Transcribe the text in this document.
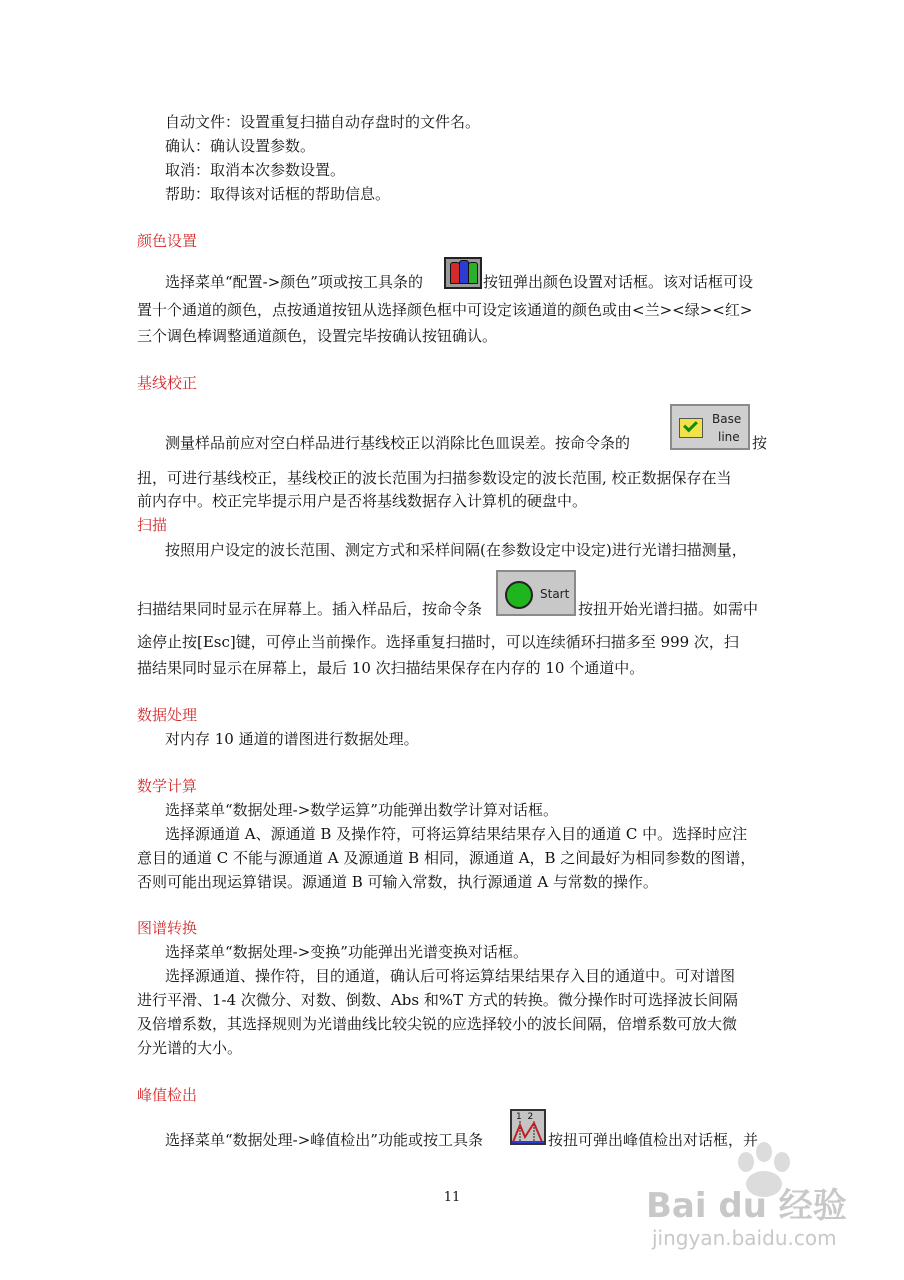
自动文件：设置重复扫描自动存盘时的文件名。
确认：确认设置参数。
取消：取消本次参数设置。
帮助：取得该对话框的帮助信息。
颜色设置
选择菜单“配置->颜色”项或按工具条的	按钮弹出颜色设置对话框。该对话框可设
置十个通道的颜色，点按通道按钮从选择颜色框中可设定该通道的颜色或由<兰><绿><红>
三个调色棒调整通道颜色，设置完毕按确认按钮确认。
基线校正
测量样品前应对空白样品进行基线校正以消除比色皿误差。按命令条的
Base
line 按
扭，可进行基线校正，基线校正的波长范围为扫描参数设定的波长范围, 校正数据保存在当
前内存中。校正完毕提示用户是否将基线数据存入计算机的硬盘中。
扫描
按照用户设定的波长范围、测定方式和采样间隔(在参数设定中设定)进行光谱扫描测量，
扫描结果同时显示在屏幕上。插入样品后，按命令条
Start
按扭开始光谱扫描。如需中
途停止按[Esc]键，可停止当前操作。选择重复扫描时，可以连续循环扫描多至 999 次，扫
描结果同时显示在屏幕上，最后 10 次扫描结果保存在内存的 10 个通道中。
数据处理
对内存 10 通道的谱图进行数据处理。
数学计算
选择菜单“数据处理->数学运算”功能弹出数学计算对话框。
选择源通道 A、源通道 B 及操作符，可将运算结果结果存入目的通道 C 中。选择时应注
意目的通道 C 不能与源通道 A 及源通道 B 相同，源通道 A，B 之间最好为相同参数的图谱，
否则可能出现运算错误。源通道 B 可输入常数，执行源通道 A 与常数的操作。
图谱转换
选择菜单“数据处理->变换”功能弹出光谱变换对话框。
选择源通道、操作符，目的通道，确认后可将运算结果结果存入目的通道中。可对谱图
进行平滑、1-4 次微分、对数、倒数、Abs 和%T 方式的转换。微分操作时可选择波长间隔
及倍增系数，其选择规则为光谱曲线比较尖锐的应选择较小的波长间隔，倍增系数可放大微
分光谱的大小。
峰值检出
选择菜单“数据处理->峰值检出”功能或按工具条
1  2
按扭可弹出峰值检出对话框，并
11	Bai du 经验
jingyan.baidu.com
